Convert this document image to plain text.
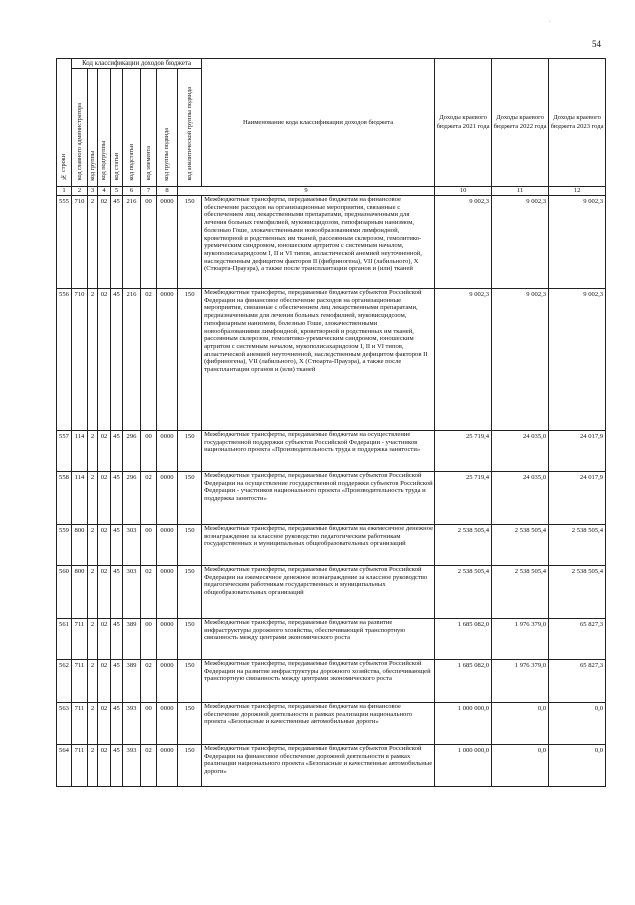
54
·
№ строки	Код классификации доходов бюджета								Наименование кода классификации доходов бюджета	Доходы краевого бюджета 2021 года	Доходы краевого бюджета 2022 года	Доходы краевого бюджета 2023 года
	код главного администратора	код группы	код подгруппы	код статьи	код подстатьи	код элемента	код группы подвида	код аналитической группы подвида				
1	2	3	4	5	6	7	8	9		10	11	12
555	710	2	02	45	216	00	0000	150	Межбюджетные трансферты, передаваемые бюджетам на финансовое обеспечение расходов на организационные мероприятия, связанные с обеспечением лиц лекарственными препаратами, предназначенными для лечения больных гемофилией, муковисцидозом, гипофизарным нанизмом, болезнью Гоше, злокачественными новообразованиями лимфоидной, кроветворной и родственных им тканей, рассеянным склерозом, гемолитико-уремическим синдромом, юношеским артритом с системным началом, мукополисахаридозом I, II и VI типов, апластической анемией неуточненной, наследственным дефицитом факторов II (фибриногена), VII (лабильного), X (Стюарта-Прауэра), а также после трансплантации органов и (или) тканей	9 002,3	9 002,3	9 002,3
556	710	2	02	45	216	02	0000	150	Межбюджетные трансферты, передаваемые бюджетам субъектов Российской Федерации на финансовое обеспечение расходов на организационные мероприятия, связанные с обеспечением лиц лекарственными препаратами, предназначенными для лечения больных гемофилией, муковисцидозом, гипофизарным нанизмом, болезнью Гоше, злокачественными новообразованиями лимфоидной, кроветворной и родственных им тканей, рассеянным склерозом, гемолитико-уремическим синдромом, юношеским артритом с системным началом, мукополисахаридозом I, II и VI типов, апластической анемией неуточненной, наследственным дефицитом факторов II (фибриногена), VII (лабильного), X (Стюарта-Прауэра), а также после трансплантации органов и (или) тканей	9 002,3	9 002,3	9 002,3
557	114	2	02	45	296	00	0000	150	Межбюджетные трансферты, передаваемые бюджетам на осуществление государственной поддержки субъектов Российской Федерации - участников национального проекта «Производительность труда и поддержка занятости»	25 719,4	24 035,0	24 017,9
558	114	2	02	45	296	02	0000	150	Межбюджетные трансферты, передаваемые бюджетам субъектов Российской Федерации на осуществление государственной поддержки субъектов Российской Федерации - участников национального проекта «Производительность труда и поддержка занятости»	25 719,4	24 035,0	24 017,9
559	800	2	02	45	303	00	0000	150	Межбюджетные трансферты, передаваемые бюджетам на ежемесячное денежное вознаграждение за классное руководство педагогическим работникам государственных и муниципальных общеобразовательных организаций	2 538 505,4	2 538 505,4	2 538 505,4
560	800	2	02	45	303	02	0000	150	Межбюджетные трансферты, передаваемые бюджетам субъектов Российской Федерации на ежемесячное денежное вознаграждение за классное руководство педагогическим работникам государственных и муниципальных общеобразовательных организаций	2 538 505,4	2 538 505,4	2 538 505,4
561	711	2	02	45	389	00	0000	150	Межбюджетные трансферты, передаваемые бюджетам на развитие инфраструктуры дорожного хозяйства, обеспечивающей транспортную связанность между центрами экономического роста	1 685 082,0	1 976 379,0	65 827,3
562	711	2	02	45	389	02	0000	150	Межбюджетные трансферты, передаваемые бюджетам субъектов Российской Федерации на развитие инфраструктуры дорожного хозяйства, обеспечивающей транспортную связанность между центрами экономического роста	1 685 082,0	1 976 379,0	65 827,3
563	711	2	02	45	393	00	0000	150	Межбюджетные трансферты, передаваемые бюджетам на финансовое обеспечение дорожной деятельности в рамках реализации национального проекта «Безопасные и качественные автомобильные дороги»	1 000 000,0	0,0	0,0
564	711	2	02	45	393	02	0000	150	Межбюджетные трансферты, передаваемые бюджетам субъектов Российской Федерации на финансовое обеспечение дорожной деятельности в рамках реализации национального проекта «Безопасные и качественные автомобильные дороги»	1 000 000,0	0,0	0,0
